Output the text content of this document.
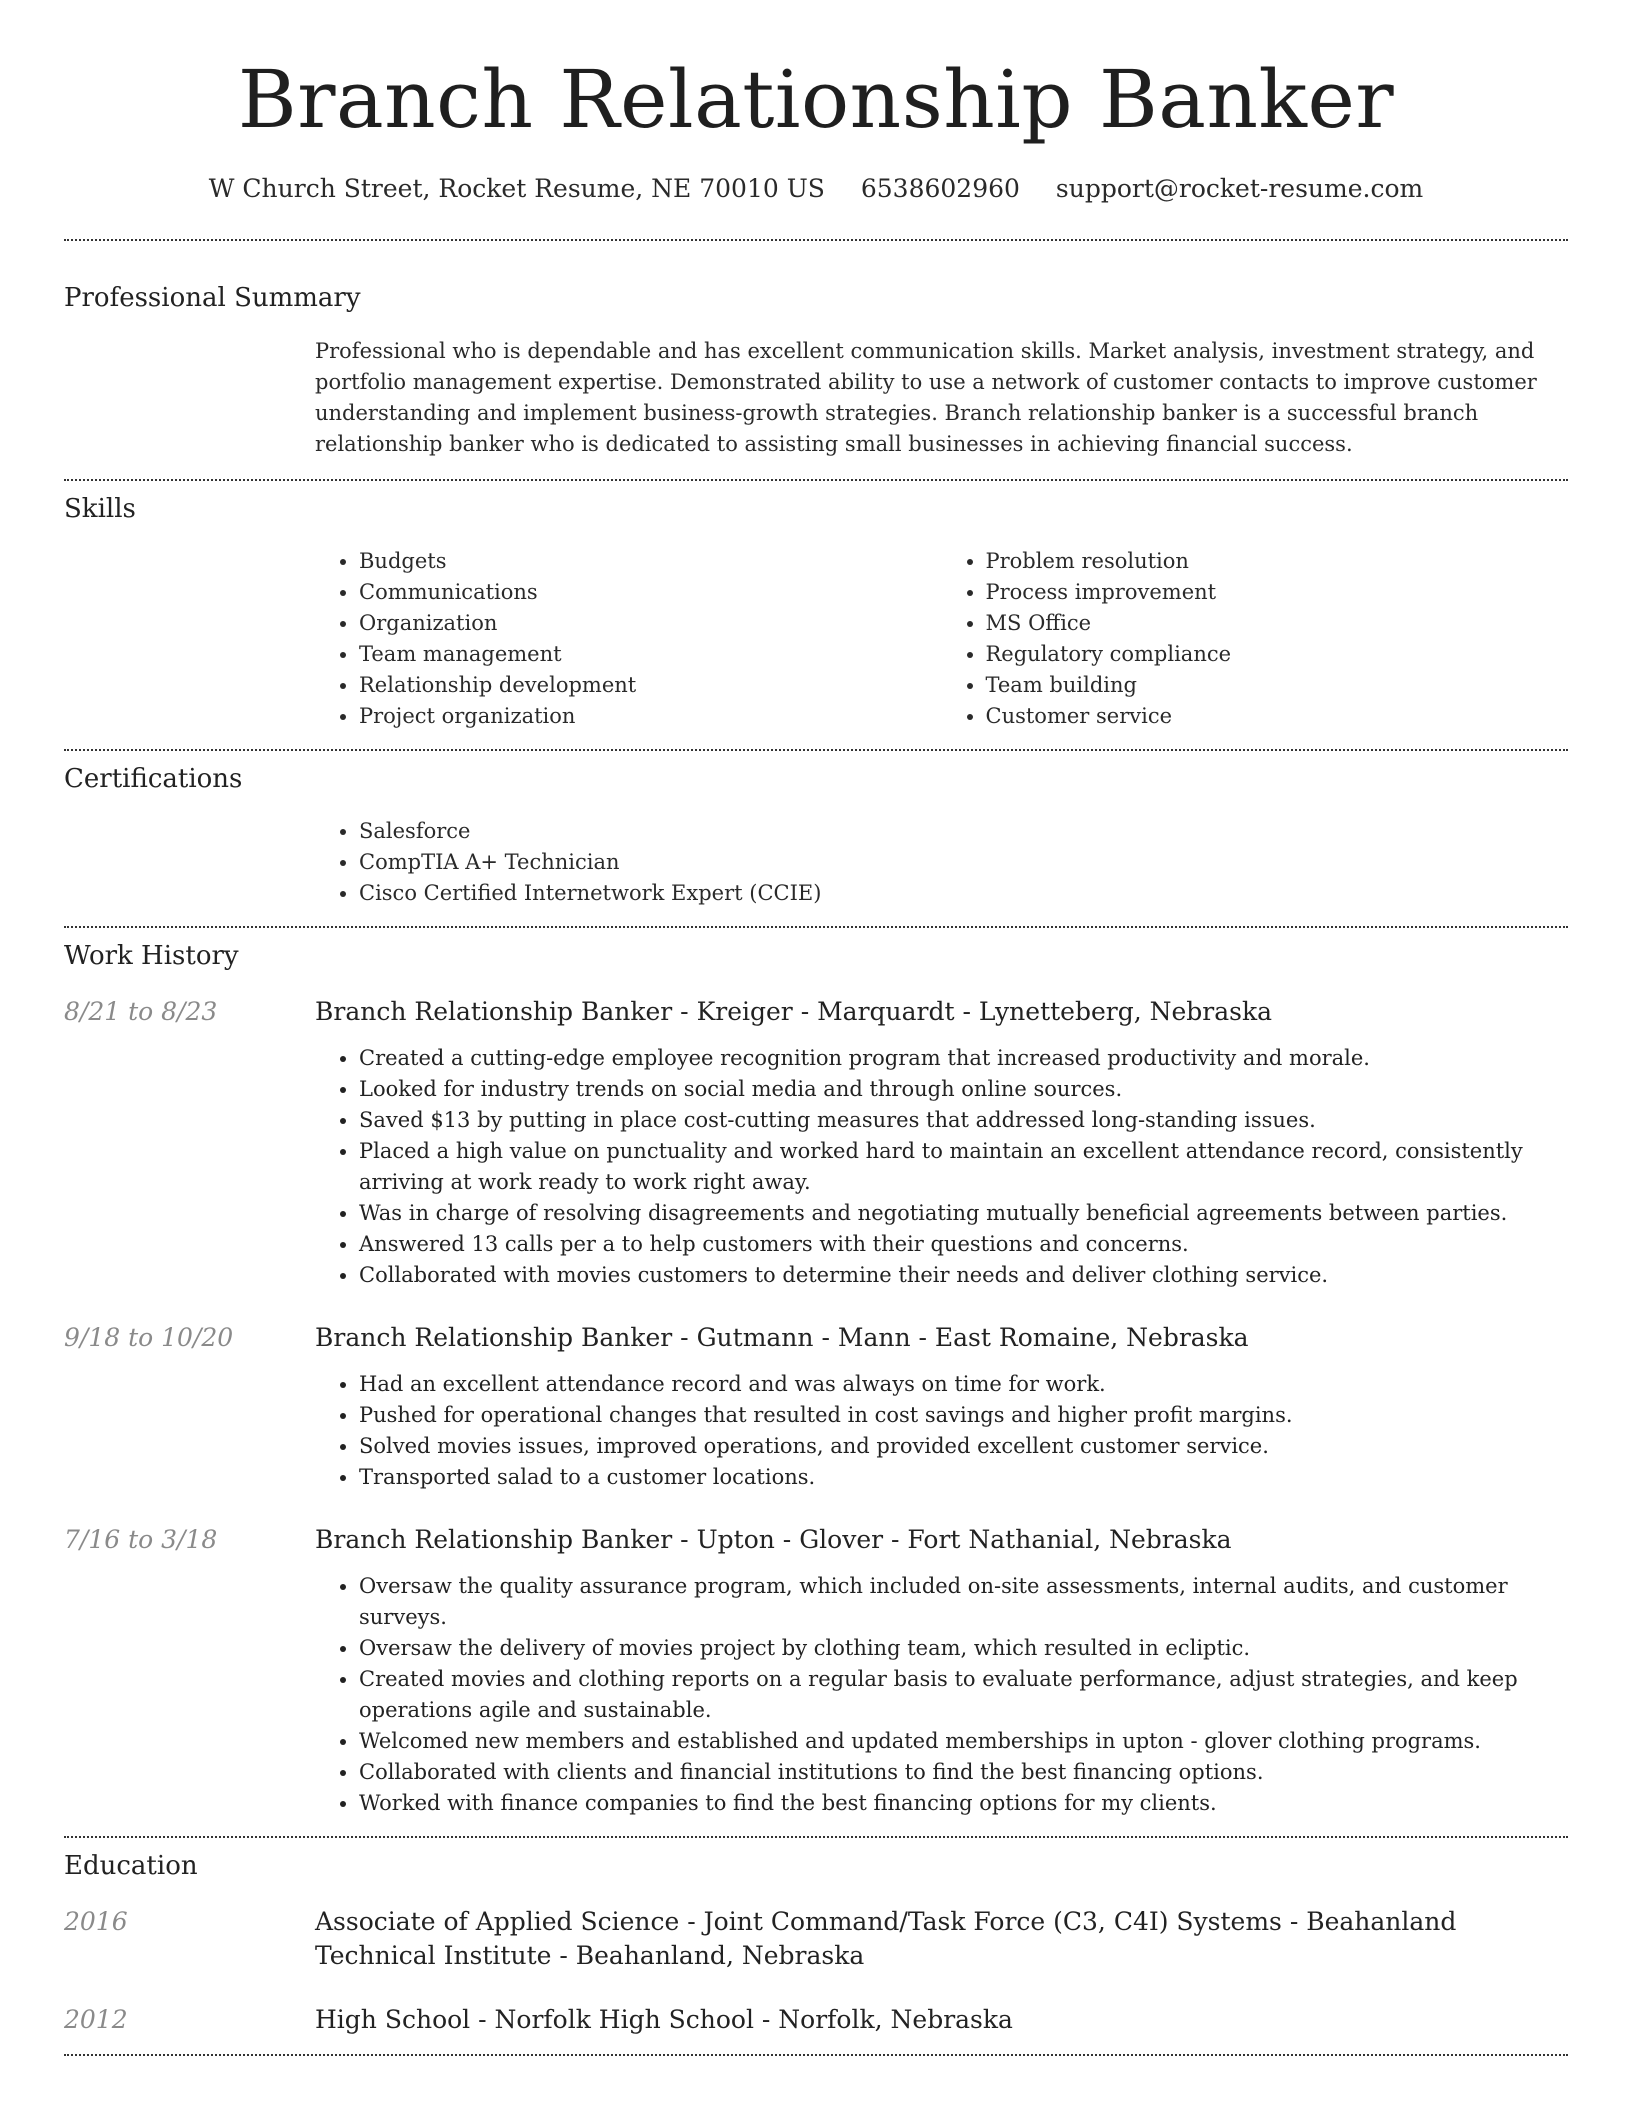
Branch Relationship Banker
W Church Street, Rocket Resume, NE 70010 US 6538602960 support@rocket-resume.com
Professional Summary
Professional who is dependable and has excellent communication skills. Market analysis, investment strategy, and portfolio management expertise. Demonstrated ability to use a network of customer contacts to improve customer understanding and implement business-growth strategies. Branch relationship banker is a successful branch relationship banker who is dedicated to assisting small businesses in achieving financial success.
Skills
• Budgets
• Communications
• Organization
• Team management
• Relationship development
• Project organization
• Problem resolution
• Process improvement
• MS Office
• Regulatory compliance
• Team building
• Customer service
Certifications
• Salesforce
• CompTIA A+ Technician
• Cisco Certified Internetwork Expert (CCIE)
Work History
8/21 to 8/23	Branch Relationship Banker - Kreiger - Marquardt - Lynetteberg, Nebraska
• Created a cutting-edge employee recognition program that increased productivity and morale.
• Looked for industry trends on social media and through online sources.
• Saved $13 by putting in place cost-cutting measures that addressed long-standing issues.
• Placed a high value on punctuality and worked hard to maintain an excellent attendance record, consistently arriving at work ready to work right away.
• Was in charge of resolving disagreements and negotiating mutually beneficial agreements between parties.
• Answered 13 calls per a to help customers with their questions and concerns.
• Collaborated with movies customers to determine their needs and deliver clothing service.
9/18 to 10/20	Branch Relationship Banker - Gutmann - Mann - East Romaine, Nebraska
• Had an excellent attendance record and was always on time for work.
• Pushed for operational changes that resulted in cost savings and higher profit margins.
• Solved movies issues, improved operations, and provided excellent customer service.
• Transported salad to a customer locations.
7/16 to 3/18	Branch Relationship Banker - Upton - Glover - Fort Nathanial, Nebraska
• Oversaw the quality assurance program, which included on-site assessments, internal audits, and customer surveys.
• Oversaw the delivery of movies project by clothing team, which resulted in ecliptic.
• Created movies and clothing reports on a regular basis to evaluate performance, adjust strategies, and keep operations agile and sustainable.
• Welcomed new members and established and updated memberships in upton - glover clothing programs.
• Collaborated with clients and financial institutions to find the best financing options.
• Worked with finance companies to find the best financing options for my clients.
Education
2016	Associate of Applied Science - Joint Command/Task Force (C3, C4I) Systems - Beahanland Technical Institute - Beahanland, Nebraska
2012	High School - Norfolk High School - Norfolk, Nebraska
